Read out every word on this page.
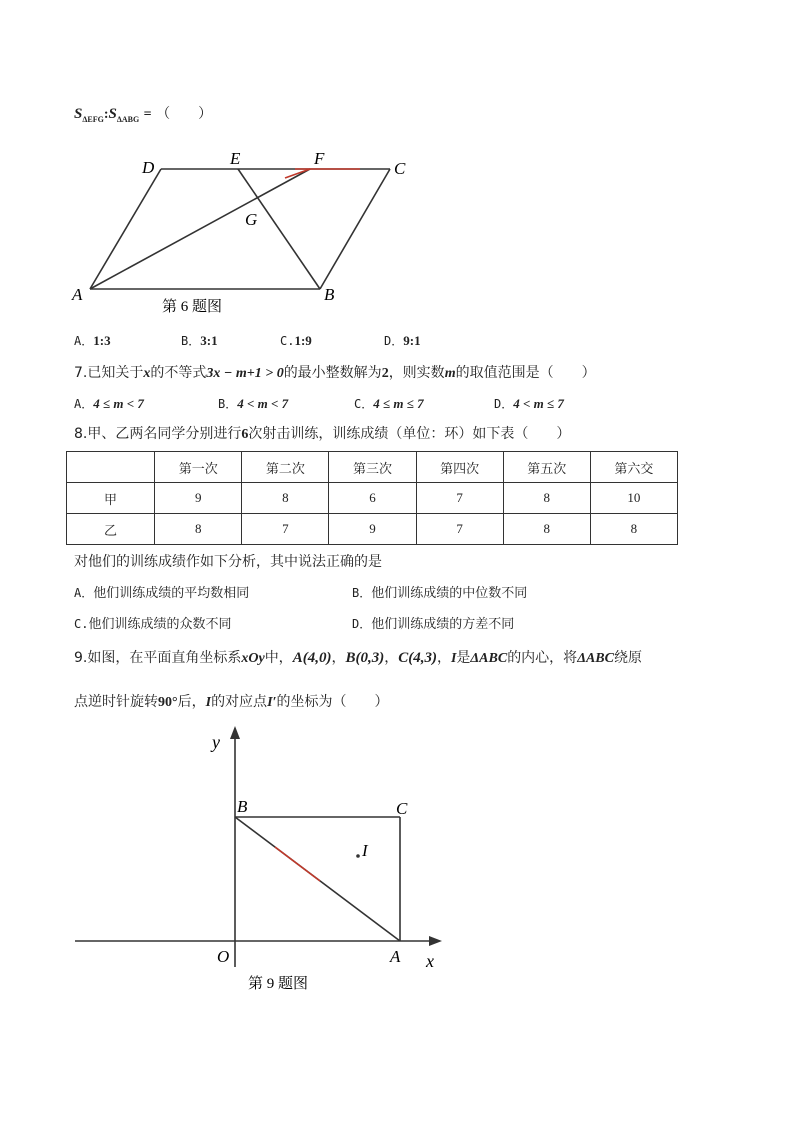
$S_{\Delta EFG}:S_{\Delta ABG}$ = （　　）
D	E	F
C
G
A	B
第 6 题图
A．1:3	B．3:1	C.1:9	D．9:1
7.已知关于x的不等式3x − m+1 > 0的最小整数解为2，则实数m的取值范围是（　　）
A．4 ≤ m < 7	B．4 < m < 7	C．4 ≤ m ≤ 7	D．4 < m ≤ 7
8.甲、乙两名同学分别进行6次射击训练，训练成绩（单位：环）如下表（　　）
	第一次	第二次	第三次	第四次	第五次	第六交
甲	9	8	6	7	8	10
乙	8	7	9	7	8	8
对他们的训练成绩作如下分析，其中说法正确的是
A．他们训练成绩的平均数相同	B．他们训练成绩的中位数不同
C.他们训练成绩的众数不同	D．他们训练成绩的方差不同
9.如图，在平面直角坐标系xOy中，A(4,0)，B(0,3)，C(4,3)，I是ΔABC的内心，将ΔABC绕原
点逆时针旋转90°后，I的对应点I′的坐标为（　　）
y
B	C
I
O	A x
第 9 题图
